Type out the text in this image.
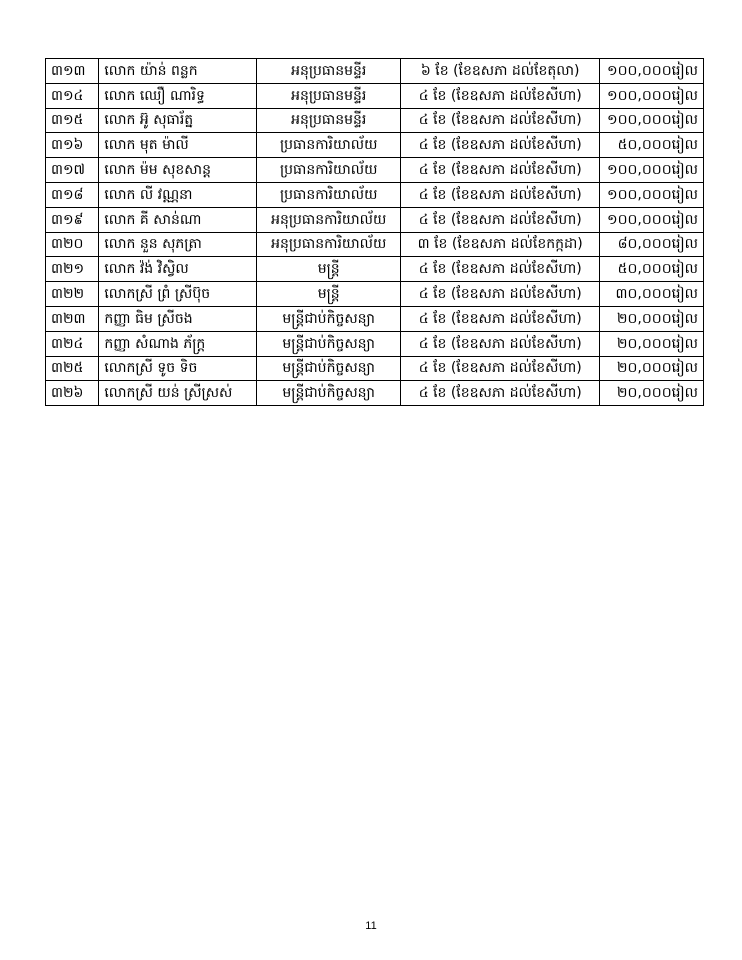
៣១៣	លោក យ៉ាន់ ពន្លក	អនុប្រធានមន្ទីរ	៦ ខែ (ខែឧសភា ដល់ខែតុលា)	១០០,០០០រៀល
៣១៤	លោក ឈឿ ណារិទ្ធ	អនុប្រធានមន្ទីរ	៤ ខែ (ខែឧសភា ដល់ខែសីហា)	១០០,០០០រៀល
៣១៥	លោក អ៊ូ សុធារ័ត្ន	អនុប្រធានមន្ទីរ	៤ ខែ (ខែឧសភា ដល់ខែសីហា)	១០០,០០០រៀល
៣១៦	លោក មុត ម៉ាលី	ប្រធានការិយាល័យ	៤ ខែ (ខែឧសភា ដល់ខែសីហា)	៥០,០០០រៀល
៣១៧	លោក ម៉ម សុខសាន្ត	ប្រធានការិយាល័យ	៤ ខែ (ខែឧសភា ដល់ខែសីហា)	១០០,០០០រៀល
៣១៨	លោក លី វណ្ណនា	ប្រធានការិយាល័យ	៤ ខែ (ខែឧសភា ដល់ខែសីហា)	១០០,០០០រៀល
៣១៩	លោក គី សាន់ណា	អនុប្រធានការិយាល័យ	៤ ខែ (ខែឧសភា ដល់ខែសីហា)	១០០,០០០រៀល
៣២០	លោក នួន សុភត្រា	អនុប្រធានការិយាល័យ	៣ ខែ (ខែឧសភា ដល់ខែកក្កដា)	៨០,០០០រៀល
៣២១	លោក វ៉ង់ វិស្វិល	មន្ត្រី	៤ ខែ (ខែឧសភា ដល់ខែសីហា)	៥០,០០០រៀល
៣២២	លោកស្រី ព្រំ ស្រីប៊ុច	មន្ត្រី	៤ ខែ (ខែឧសភា ដល់ខែសីហា)	៣០,០០០រៀល
៣២៣	កញ្ញា ធិម ស្រីចង	មន្ត្រីជាប់កិច្ចសន្យា	៤ ខែ (ខែឧសភា ដល់ខែសីហា)	២០,០០០រៀល
៣២៤	កញ្ញា សំណាង ភ័ក្ត្រ	មន្ត្រីជាប់កិច្ចសន្យា	៤ ខែ (ខែឧសភា ដល់ខែសីហា)	២០,០០០រៀល
៣២៥	លោកស្រី ទូច ទិច	មន្ត្រីជាប់កិច្ចសន្យា	៤ ខែ (ខែឧសភា ដល់ខែសីហា)	២០,០០០រៀល
៣២៦	លោកស្រី យន់ ស្រីស្រស់	មន្ត្រីជាប់កិច្ចសន្យា	៤ ខែ (ខែឧសភា ដល់ខែសីហា)	២០,០០០រៀល
11
